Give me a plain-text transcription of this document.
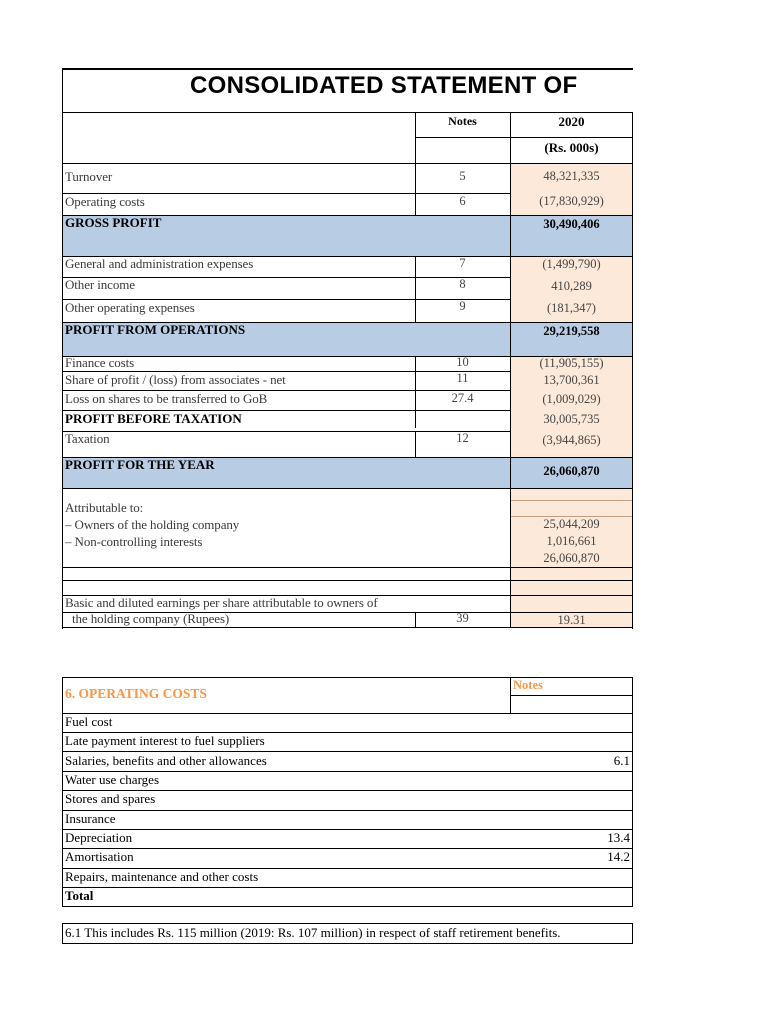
CONSOLIDATED STATEMENT OF
Notes	2020
(Rs. 000s)
Turnover	5	48,321,335
Operating costs	6	(17,830,929)
GROSS PROFIT	30,490,406
General and administration expenses	7	(1,499,790)
Other income	8	410,289
Other operating expenses	9	(181,347)
PROFIT FROM OPERATIONS	29,219,558
Finance costs	10	(11,905,155)
Share of profit / (loss) from associates - net	11	13,700,361
Loss on shares to be transferred to GoB	27.4	(1,009,029)
PROFIT BEFORE TAXATION	30,005,735
Taxation	12	(3,944,865)
PROFIT FOR THE YEAR	26,060,870
Attributable to:
– Owners of the holding company	25,044,209
– Non-controlling interests	1,016,661
26,060,870
Basic and diluted earnings per share attributable to owners of
the holding company (Rupees)	39	19.31
6. OPERATING COSTS
Notes
Fuel cost
Late payment interest to fuel suppliers
Salaries, benefits and other allowances	6.1
Water use charges
Stores and spares
Insurance
Depreciation	13.4
Amortisation	14.2
Repairs, maintenance and other costs
Total
6.1 This includes Rs. 115 million (2019: Rs. 107 million) in respect of staff retirement benefits.
